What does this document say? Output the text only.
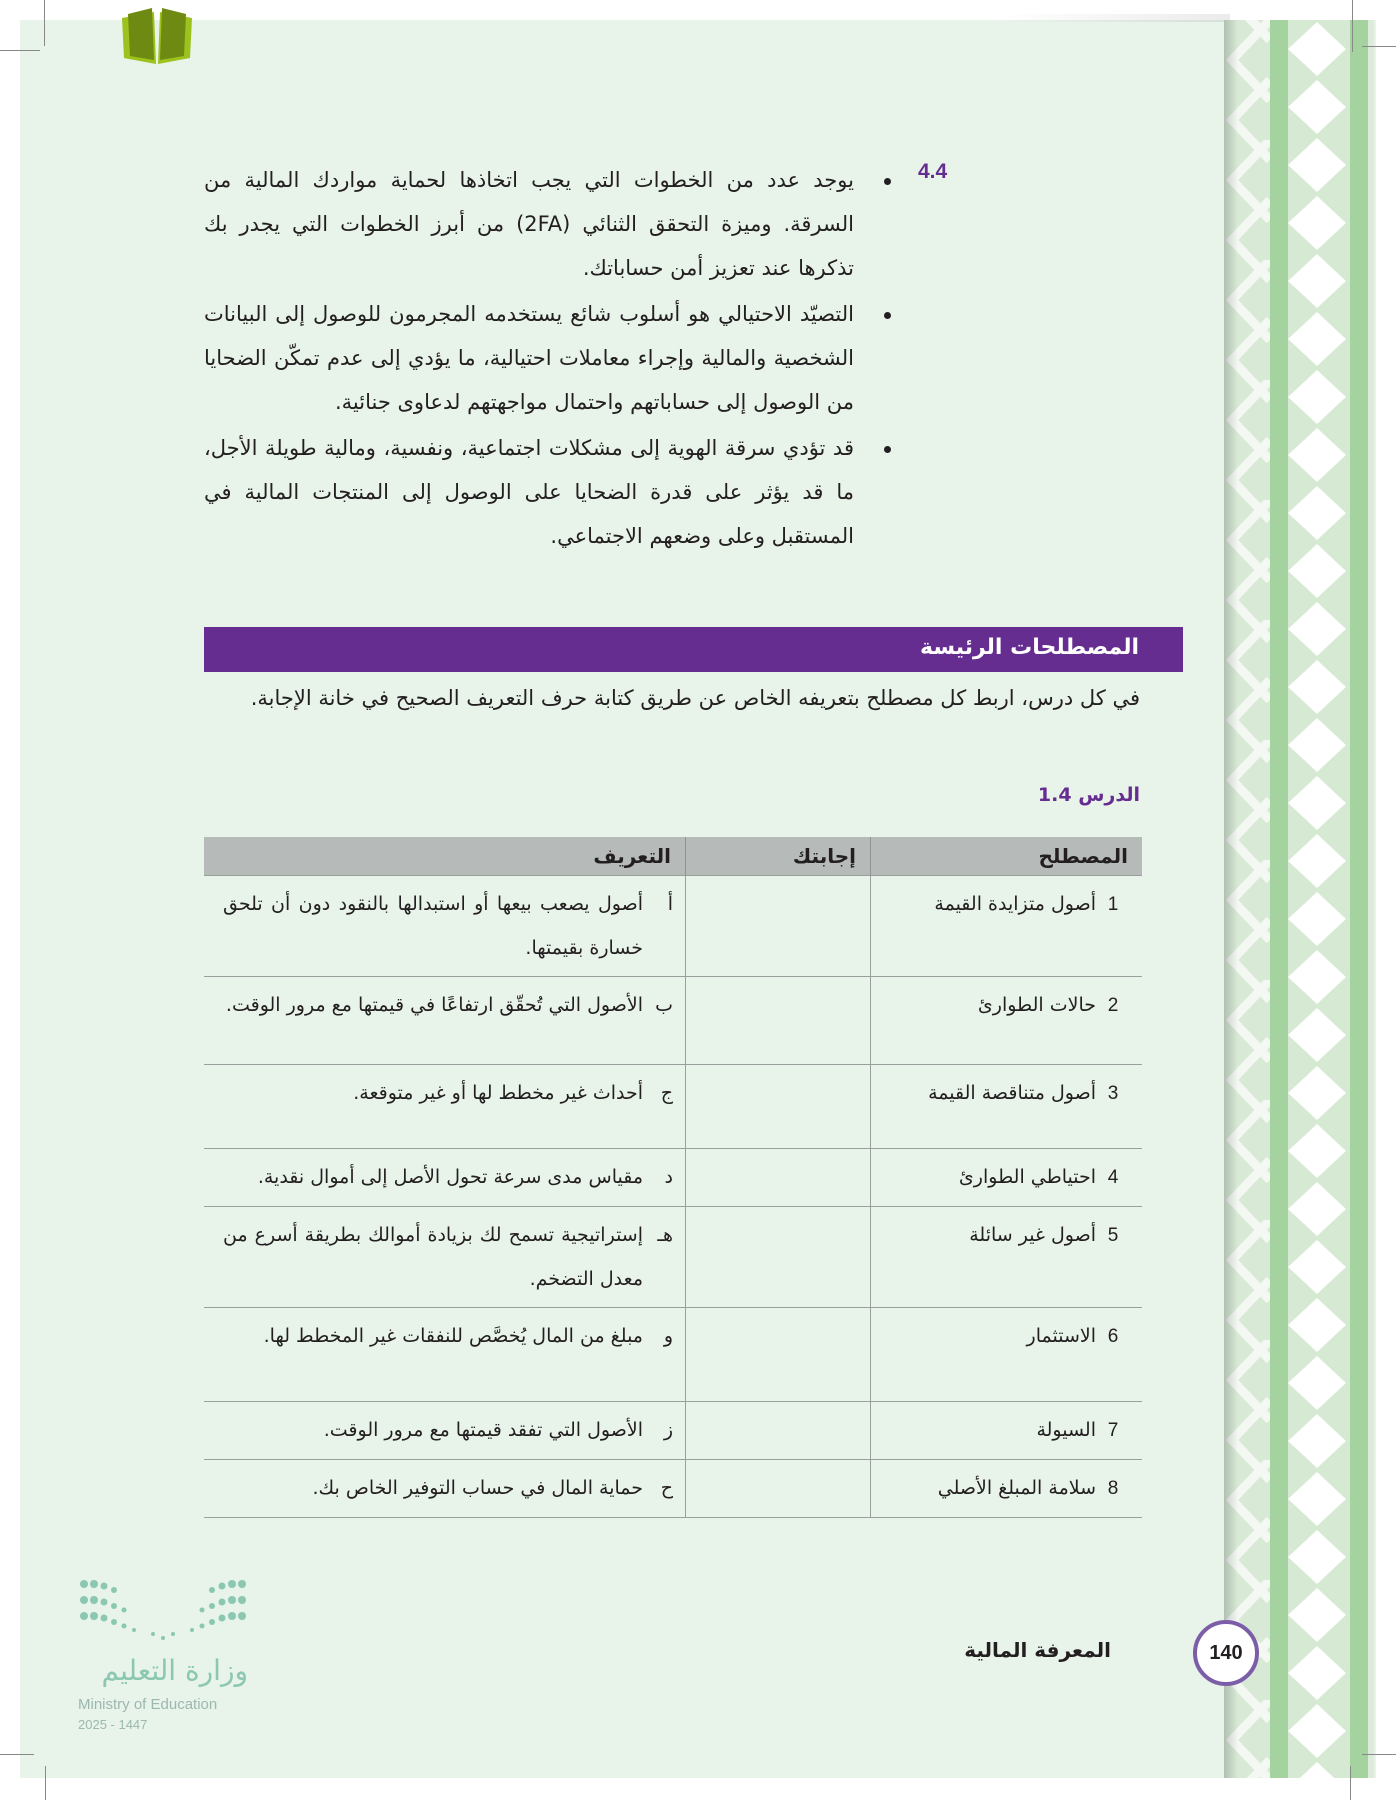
4.4
يوجد عدد من الخطوات التي يجب اتخاذها لحماية مواردك المالية من السرقة. وميزة التحقق الثنائي (2FA) من أبرز الخطوات التي يجدر بك تذكرها عند تعزيز أمن حساباتك.
التصيّد الاحتيالي هو أسلوب شائع يستخدمه المجرمون للوصول إلى البيانات الشخصية والمالية وإجراء معاملات احتيالية، ما يؤدي إلى عدم تمكّن الضحايا من الوصول إلى حساباتهم واحتمال مواجهتهم لدعاوى جنائية.
قد تؤدي سرقة الهوية إلى مشكلات اجتماعية، ونفسية، ومالية طويلة الأجل، ما قد يؤثر على قدرة الضحايا على الوصول إلى المنتجات المالية في المستقبل وعلى وضعهم الاجتماعي.
المصطلحات الرئيسة
في كل درس، اربط كل مصطلح بتعريفه الخاص عن طريق كتابة حرف التعريف الصحيح في خانة الإجابة.
الدرس 1.4
المصطلح	إجابتك	التعريف
1أصول متزايدة القيمة		أأصول يصعب بيعها أو استبدالها بالنقود دون أن تلحق خسارة بقيمتها.
2حالات الطوارئ		بالأصول التي تُحقّق ارتفاعًا في قيمتها مع مرور الوقت.
3أصول متناقصة القيمة		جأحداث غير مخطط لها أو غير متوقعة.
4احتياطي الطوارئ		دمقياس مدى سرعة تحول الأصل إلى أموال نقدية.
5أصول غير سائلة		هـإستراتيجية تسمح لك بزيادة أموالك بطريقة أسرع من معدل التضخم.
6الاستثمار		ومبلغ من المال يُخصَّص للنفقات غير المخطط لها.
7السيولة		زالأصول التي تفقد قيمتها مع مرور الوقت.
8سلامة المبلغ الأصلي		ححماية المال في حساب التوفير الخاص بك.
المعرفة المالية	140
وزارة التعليم
Ministry of Education
2025 - 1447
